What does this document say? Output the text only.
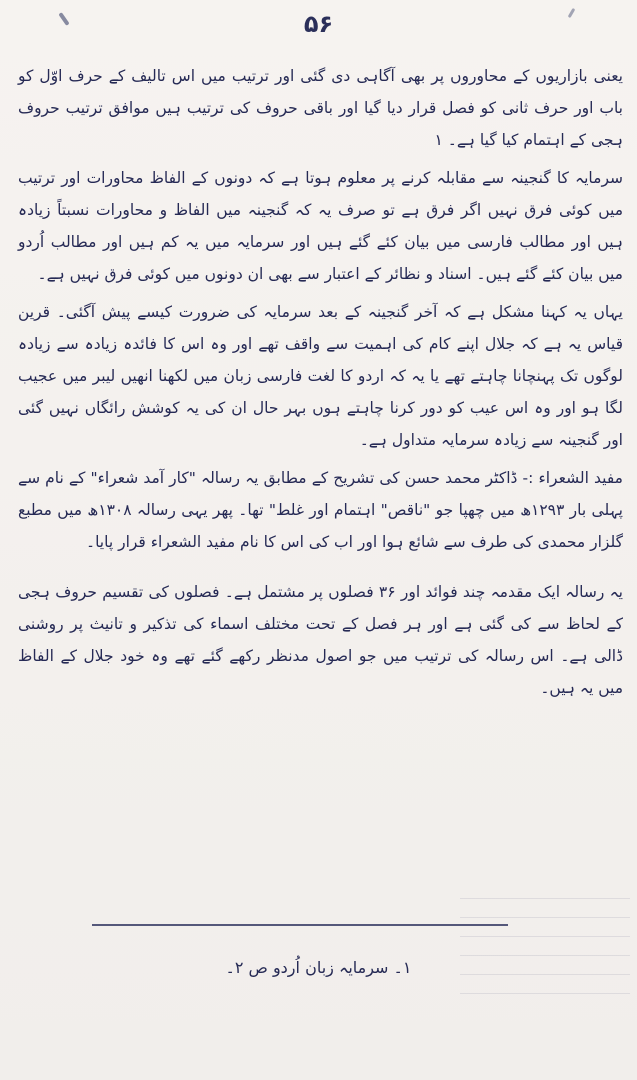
۵۶

یعنی بازاریوں کے محاوروں پر بھی آگاہی دی گئی اور ترتیب میں اس تالیف کے حرف اوّل کو باب اور حرف ثانی کو فصل قرار دیا گیا اور باقی حروف کی ترتیب ہیں موافق ترتیب حروف ہجی کے اہتمام کیا گیا ہے۔ ۱

سرمایہ کا گنجینہ سے مقابلہ کرنے پر معلوم ہوتا ہے کہ دونوں کے الفاظ محاورات اور ترتیب میں کوئی فرق نہیں اگر فرق ہے تو صرف یہ کہ گنجینہ میں الفاظ و محاورات نسبتاً زیادہ ہیں اور مطالب فارسی میں بیان کئے گئے ہیں اور سرمایہ میں یہ کم ہیں اور مطالب اُردو میں بیان کئے گئے ہیں۔ اسناد و نظائر کے اعتبار سے بھی ان دونوں میں کوئی فرق نہیں ہے۔

یہاں یہ کہنا مشکل ہے کہ آخر گنجینہ کے بعد سرمایہ کی ضرورت کیسے پیش آگئی۔ قرین قیاس یہ ہے کہ جلال اپنے کام کی اہمیت سے واقف تھے اور وہ اس کا فائدہ زیادہ سے زیادہ لوگوں تک پہنچانا چاہتے تھے یا یہ کہ اردو کا لغت فارسی زبان میں لکھنا انھیں لیبر میں عجیب لگا ہو اور وہ اس عیب کو دور کرنا چاہتے ہوں بہر حال ان کی یہ کوشش رائگاں نہیں گئی اور گنجینہ سے زیادہ سرمایہ متداول ہے۔

مفید الشعراء :- ڈاکٹر محمد حسن کی تشریح کے مطابق یہ رسالہ "کار آمد شعراء" کے نام سے پہلی بار ۱۲۹۳ھ میں چھپا جو "ناقص" اہتمام اور غلط" تھا۔ پھر یہی رسالہ ۱۳۰۸ھ میں مطبع گلزار محمدی کی طرف سے شائع ہوا اور اب کی اس کا نام مفید الشعراء قرار پایا۔

یہ رسالہ ایک مقدمہ چند فوائد اور ۳۶ فصلوں پر مشتمل ہے۔ فصلوں کی تقسیم حروف ہجی کے لحاظ سے کی گئی ہے اور ہر فصل کے تحت مختلف اسماء کی تذکیر و تانیث پر روشنی ڈالی ہے۔ اس رسالہ کی ترتیب میں جو اصول مدنظر رکھے گئے تھے وہ خود جلال کے الفاظ میں یہ ہیں۔

۱۔ سرمایہ زبان اُردو ص ۲۔
